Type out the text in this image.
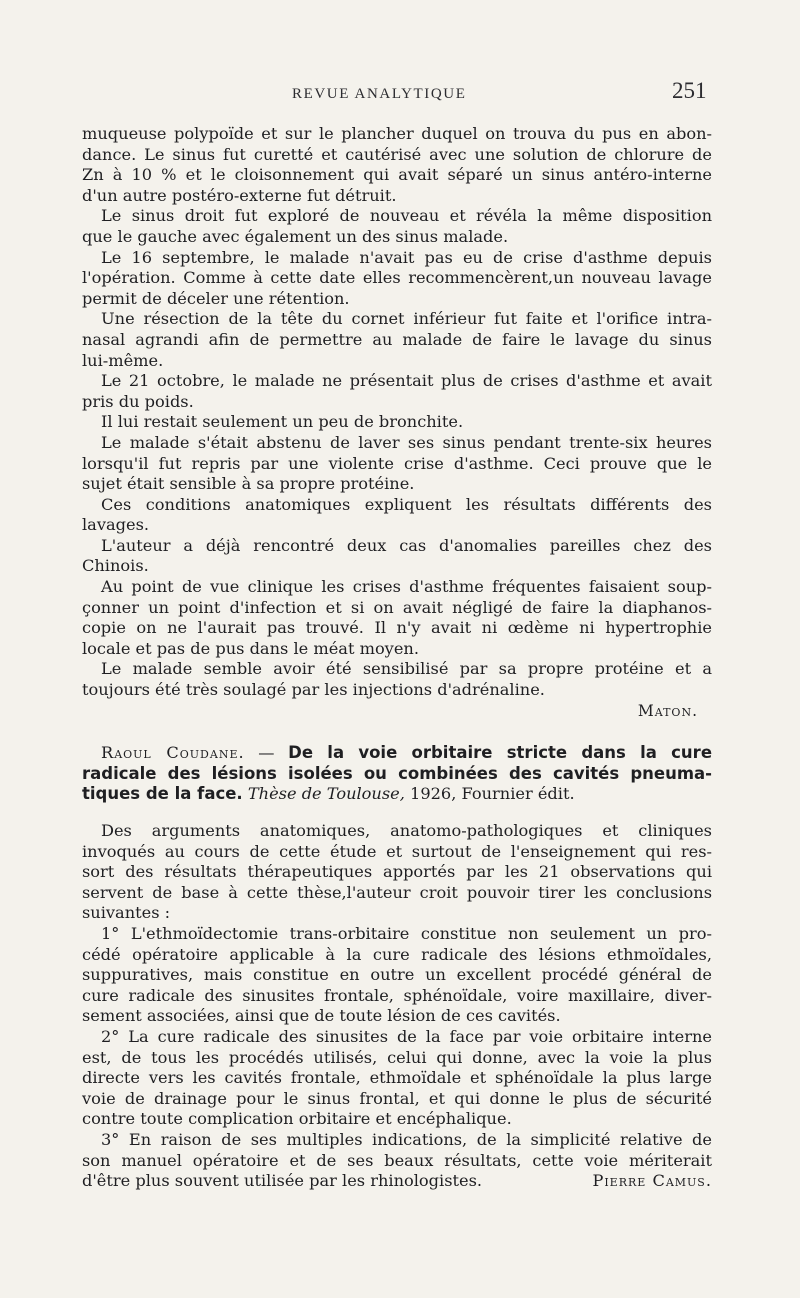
REVUE ANALYTIQUE	251

muqueuse polypoïde et sur le plancher duquel on trouva du pus en abon-
dance. Le sinus fut curetté et cautérisé avec une solution de chlorure de
Zn à 10 % et le cloisonnement qui avait séparé un sinus antéro-interne
d'un autre postéro-externe fut détruit.

Le sinus droit fut exploré de nouveau et révéla la même disposition
que le gauche avec également un des sinus malade.

Le 16 septembre, le malade n'avait pas eu de crise d'asthme depuis
l'opération. Comme à cette date elles recommencèrent,un nouveau lavage
permit de déceler une rétention.

Une résection de la tête du cornet inférieur fut faite et l'orifice intra-
nasal agrandi afin de permettre au malade de faire le lavage du sinus
lui-même.

Le 21 octobre, le malade ne présentait plus de crises d'asthme et avait
pris du poids.

Il lui restait seulement un peu de bronchite.

Le malade s'était abstenu de laver ses sinus pendant trente-six heures
lorsqu'il fut repris par une violente crise d'asthme. Ceci prouve que le
sujet était sensible à sa propre protéine.

Ces conditions anatomiques expliquent les résultats différents des
lavages.

L'auteur a déjà rencontré deux cas d'anomalies pareilles chez des
Chinois.

Au point de vue clinique les crises d'asthme fréquentes faisaient soup-
çonner un point d'infection et si on avait négligé de faire la diaphanos-
copie on ne l'aurait pas trouvé. Il n'y avait ni œdème ni hypertrophie
locale et pas de pus dans le méat moyen.

Le malade semble avoir été sensibilisé par sa propre protéine et a
toujours été très soulagé par les injections d'adrénaline.

Maton.

Raoul Coudane. — De la voie orbitaire stricte dans la cure
radicale des lésions isolées ou combinées des cavités pneuma-
tiques de la face. Thèse de Toulouse, 1926, Fournier édit.

Des arguments anatomiques, anatomo-pathologiques et cliniques
invoqués au cours de cette étude et surtout de l'enseignement qui res-
sort des résultats thérapeutiques apportés par les 21 observations qui
servent de base à cette thèse,l'auteur croit pouvoir tirer les conclusions
suivantes :

1° L'ethmoïdectomie trans-orbitaire constitue non seulement un pro-
cédé opératoire applicable à la cure radicale des lésions ethmoïdales,
suppuratives, mais constitue en outre un excellent procédé général de
cure radicale des sinusites frontale, sphénoïdale, voire maxillaire, diver-
sement associées, ainsi que de toute lésion de ces cavités.

2° La cure radicale des sinusites de la face par voie orbitaire interne
est, de tous les procédés utilisés, celui qui donne, avec la voie la plus
directe vers les cavités frontale, ethmoïdale et sphénoïdale la plus large
voie de drainage pour le sinus frontal, et qui donne le plus de sécurité
contre toute complication orbitaire et encéphalique.

3° En raison de ses multiples indications, de la simplicité relative de
son manuel opératoire et de ses beaux résultats, cette voie mériterait
d'être plus souvent utilisée par les rhinologistes.	Pierre Camus.
